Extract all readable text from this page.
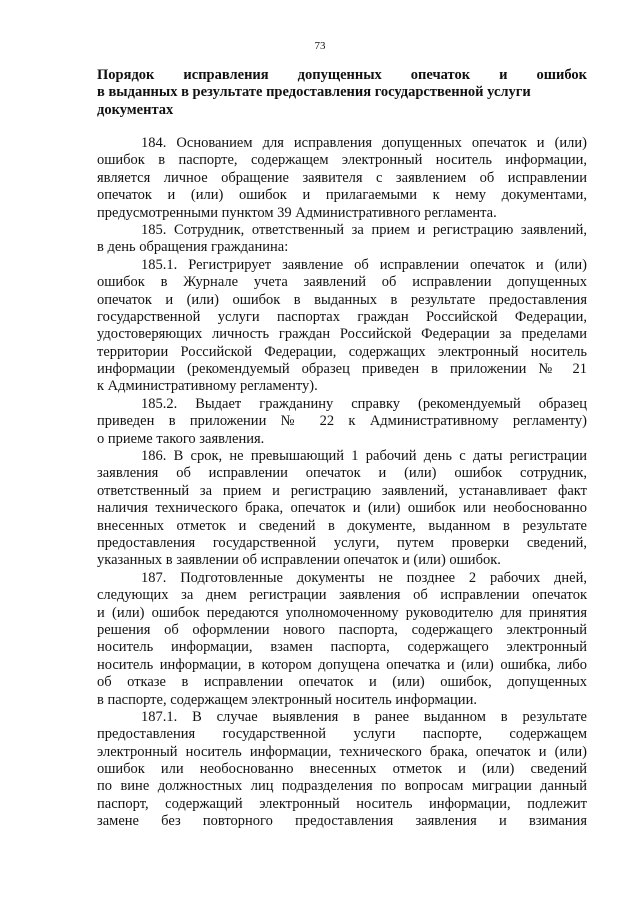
73
Порядок исправления допущенных опечаток и ошибок
в выданных в результате предоставления государственной услуги
документах
184. Основанием для исправления допущенных опечаток и (или)
ошибок в паспорте, содержащем электронный носитель информации,
является личное обращение заявителя с заявлением об исправлении
опечаток и (или) ошибок и прилагаемыми к нему документами,
предусмотренными пунктом 39 Административного регламента.
185. Сотрудник, ответственный за прием и регистрацию заявлений,
в день обращения гражданина:
185.1. Регистрирует заявление об исправлении опечаток и (или)
ошибок в Журнале учета заявлений об исправлении допущенных
опечаток и (или) ошибок в выданных в результате предоставления
государственной услуги паспортах граждан Российской Федерации,
удостоверяющих личность граждан Российской Федерации за пределами
территории Российской Федерации, содержащих электронный носитель
информации (рекомендуемый образец приведен в приложении № 21
к Административному регламенту).
185.2. Выдает гражданину справку (рекомендуемый образец
приведен в приложении № 22 к Административному регламенту)
о приеме такого заявления.
186. В срок, не превышающий 1 рабочий день с даты регистрации
заявления об исправлении опечаток и (или) ошибок сотрудник,
ответственный за прием и регистрацию заявлений, устанавливает факт
наличия технического брака, опечаток и (или) ошибок или необоснованно
внесенных отметок и сведений в документе, выданном в результате
предоставления государственной услуги, путем проверки сведений,
указанных в заявлении об исправлении опечаток и (или) ошибок.
187. Подготовленные документы не позднее 2 рабочих дней,
следующих за днем регистрации заявления об исправлении опечаток
и (или) ошибок передаются уполномоченному руководителю для принятия
решения об оформлении нового паспорта, содержащего электронный
носитель информации, взамен паспорта, содержащего электронный
носитель информации, в котором допущена опечатка и (или) ошибка, либо
об отказе в исправлении опечаток и (или) ошибок, допущенных
в паспорте, содержащем электронный носитель информации.
187.1. В случае выявления в ранее выданном в результате
предоставления государственной услуги паспорте, содержащем
электронный носитель информации, технического брака, опечаток и (или)
ошибок или необоснованно внесенных отметок и (или) сведений
по вине должностных лиц подразделения по вопросам миграции данный
паспорт, содержащий электронный носитель информации, подлежит
замене без повторного предоставления заявления и взимания
